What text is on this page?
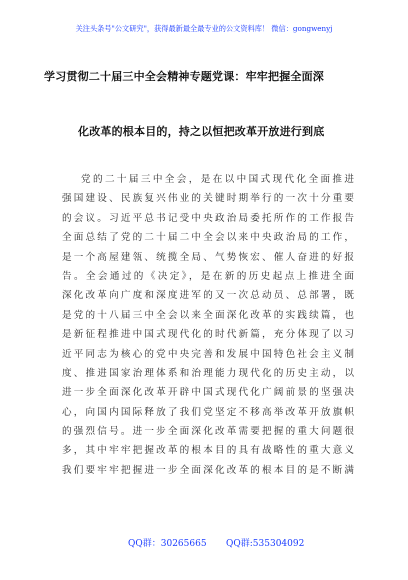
关注头条号"公文研究"，获得最新最全最专业的公文资料库！ 微信：gongwenyj
学习贯彻二十届三中全会精神专题党课：牢牢把握全面深
化改革的根本目的，持之以恒把改革开放进行到底
党的二十届三中全会，是在以中国式现代化全面推进
强国建设、民族复兴伟业的关键时期举行的一次十分重要
的会议。习近平总书记受中央政治局委托所作的工作报告
全面总结了党的二十届二中全会以来中央政治局的工作，
是一个高屋建瓴、统揽全局、气势恢宏、催人奋进的好报
告。全会通过的《决定》，是在新的历史起点上推进全面
深化改革向广度和深度进军的又一次总动员、总部署，既
是党的十八届三中全会以来全面深化改革的实践续篇，也
是新征程推进中国式现代化的时代新篇，充分体现了以习
近平同志为核心的党中央完善和发展中国特色社会主义制
度、推进国家治理体系和治理能力现代化的历史主动，以
进一步全面深化改革开辟中国式现代化广阔前景的坚强决
心，向国内国际释放了我们党坚定不移高举改革开放旗帜
的强烈信号。进一步全面深化改革需要把握的重大问题很
多，其中牢牢把握改革的根本目的具有战略性的重大意义
我们要牢牢把握进一步全面深化改革的根本目的是不断满
QQ群：30265665 QQ群:535304092
